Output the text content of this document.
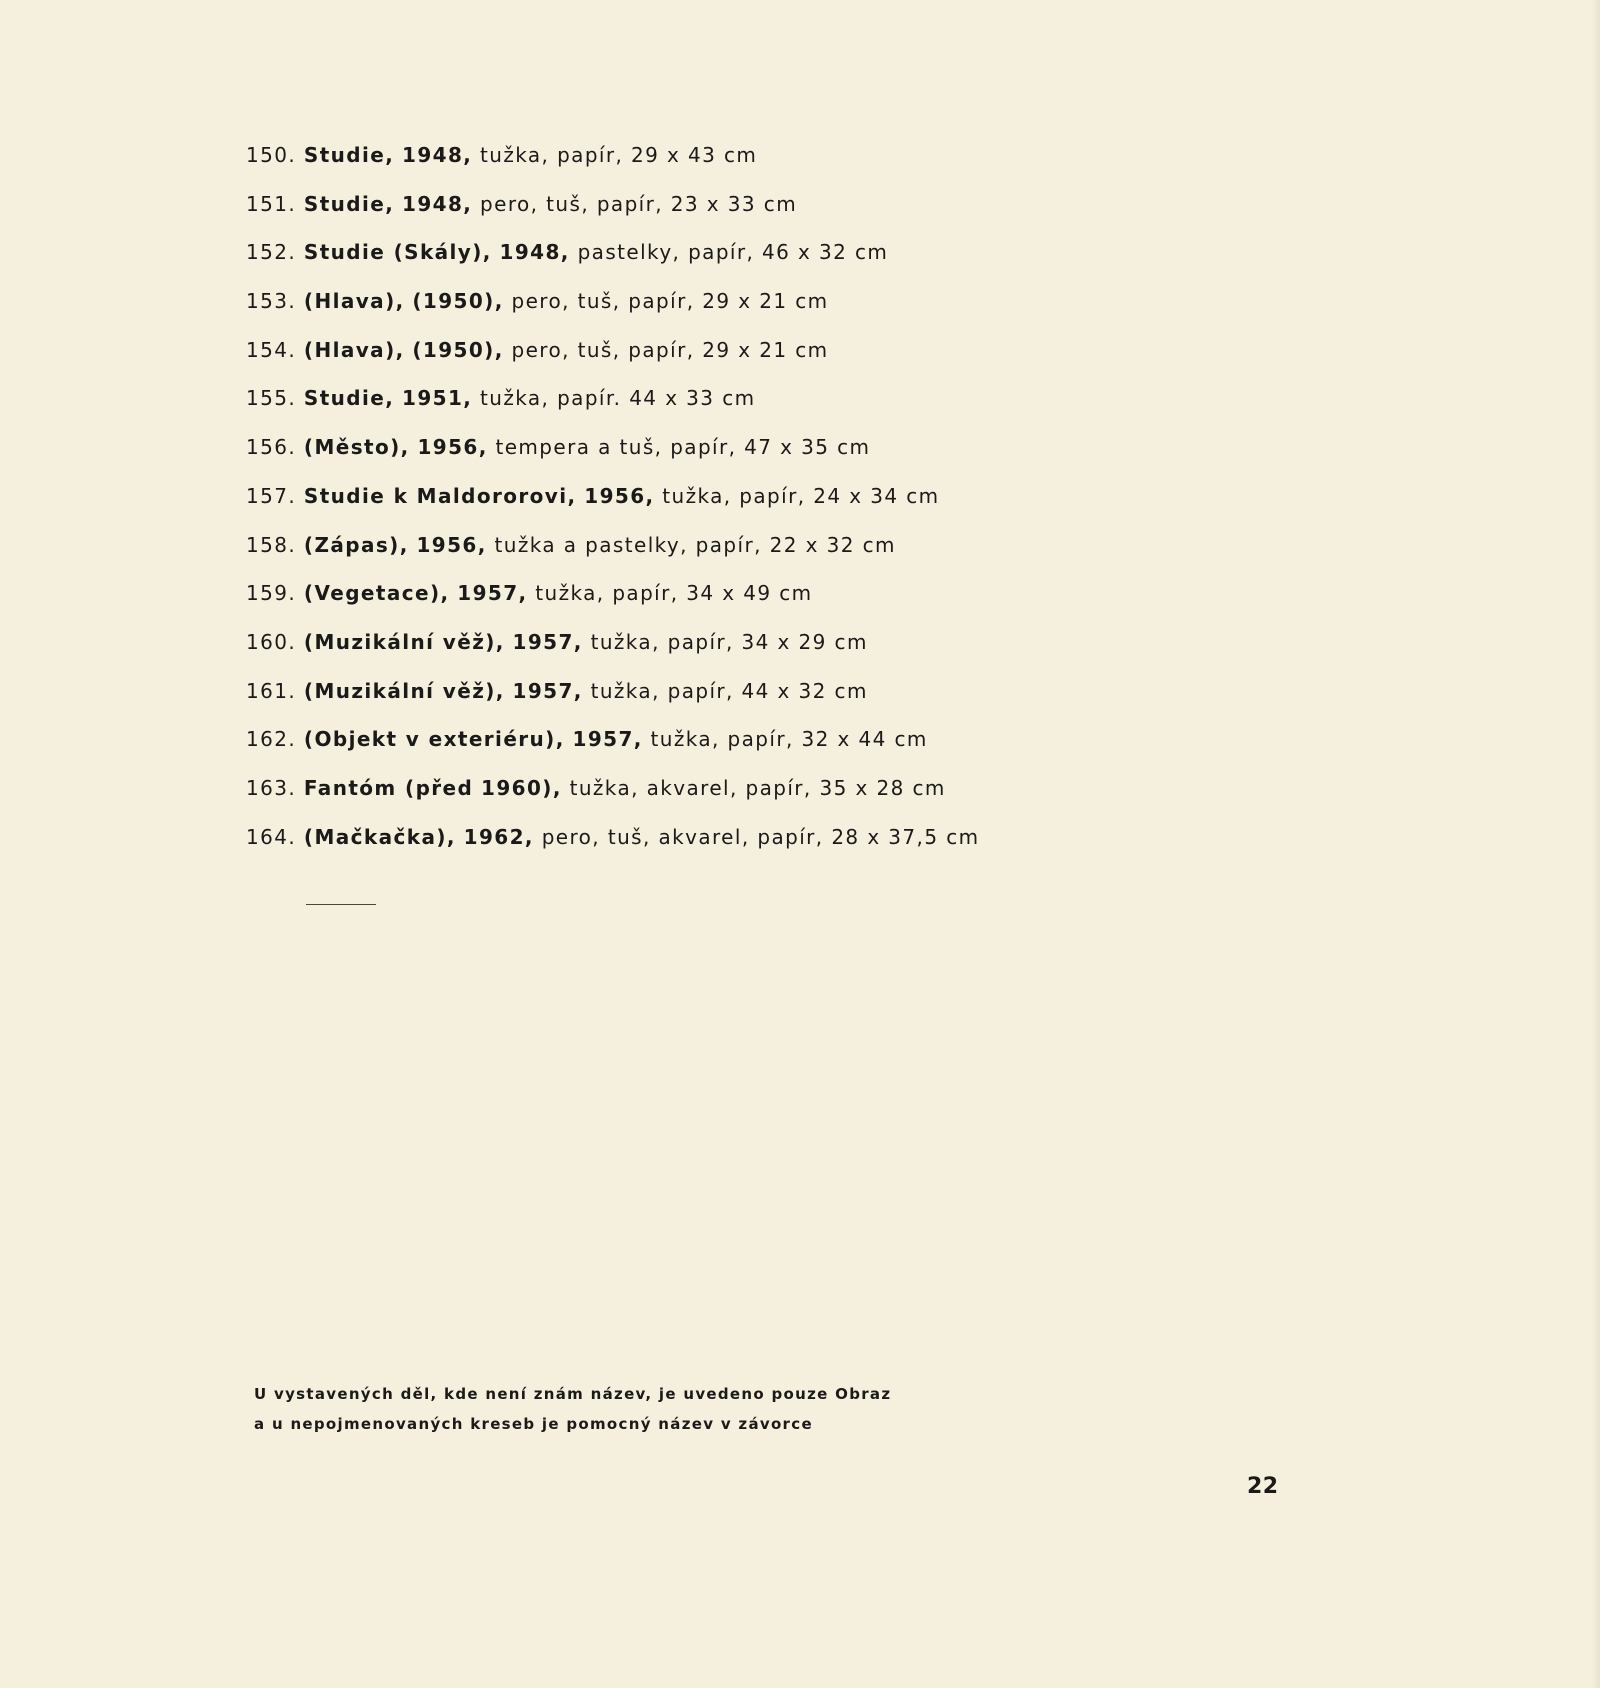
150. Studie, 1948, tužka, papír, 29 x 43 cm
151. Studie, 1948, pero, tuš, papír, 23 x 33 cm
152. Studie (Skály), 1948, pastelky, papír, 46 x 32 cm
153. (Hlava), (1950), pero, tuš, papír, 29 x 21 cm
154. (Hlava), (1950), pero, tuš, papír, 29 x 21 cm
155. Studie, 1951, tužka, papír. 44 x 33 cm
156. (Město), 1956, tempera a tuš, papír, 47 x 35 cm
157. Studie k Maldororovi, 1956, tužka, papír, 24 x 34 cm
158. (Zápas), 1956, tužka a pastelky, papír, 22 x 32 cm
159. (Vegetace), 1957, tužka, papír, 34 x 49 cm
160. (Muzikální věž), 1957, tužka, papír, 34 x 29 cm
161. (Muzikální věž), 1957, tužka, papír, 44 x 32 cm
162. (Objekt v exteriéru), 1957, tužka, papír, 32 x 44 cm
163. Fantóm (před 1960), tužka, akvarel, papír, 35 x 28 cm
164. (Mačkačka), 1962, pero, tuš, akvarel, papír, 28 x 37,5 cm
U vystavených děl, kde není znám název, je uvedeno pouze Obraz
a u nepojmenovaných kreseb je pomocný název v závorce
22
